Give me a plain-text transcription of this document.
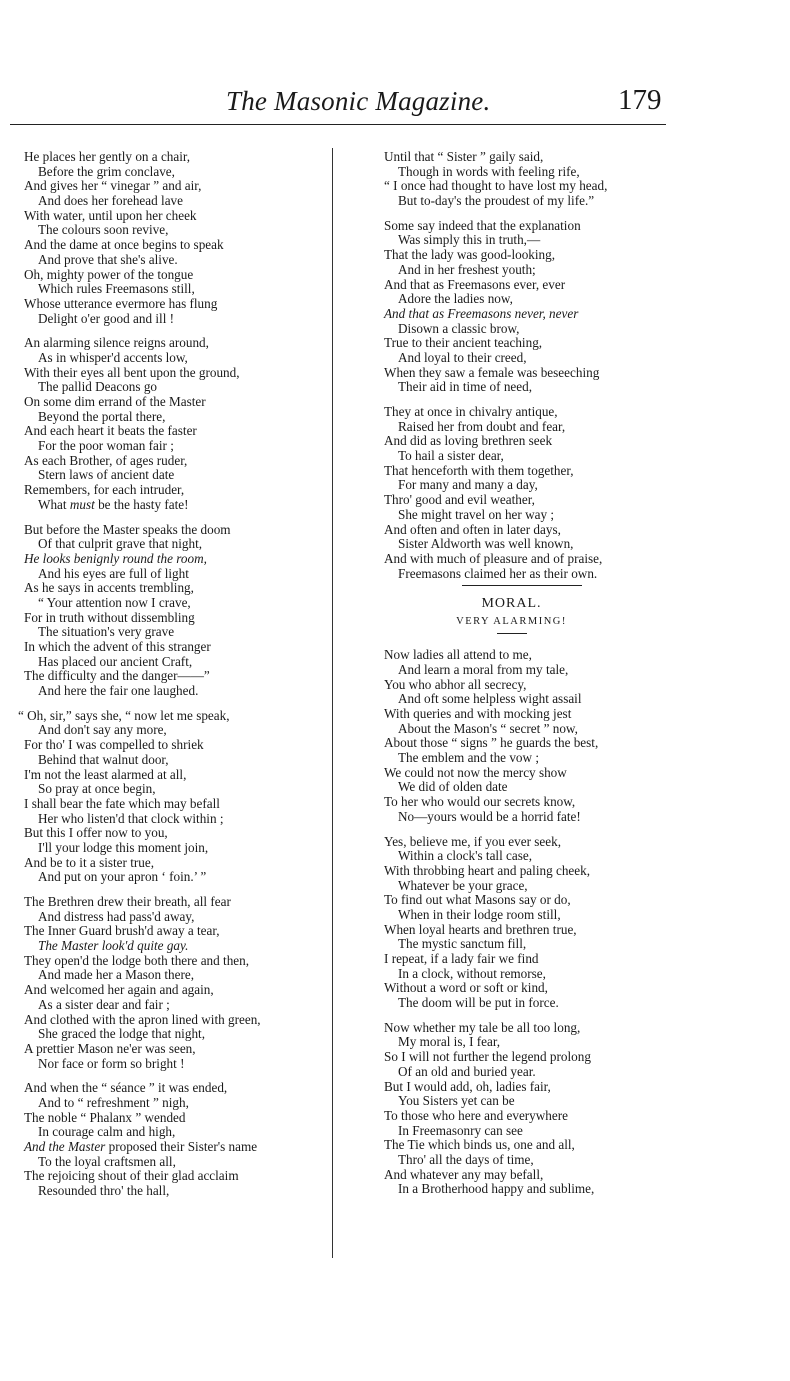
The Masonic Magazine.	179
He places her gently on a chair,
Before the grim conclave,
And gives her “ vinegar ” and air,
And does her forehead lave
With water, until upon her cheek
The colours soon revive,
And the dame at once begins to speak
And prove that she's alive.
Oh, mighty power of the tongue
Which rules Freemasons still,
Whose utterance evermore has flung
Delight o'er good and ill !
An alarming silence reigns around,
As in whisper'd accents low,
With their eyes all bent upon the ground,
The pallid Deacons go
On some dim errand of the Master
Beyond the portal there,
And each heart it beats the faster
For the poor woman fair ;
As each Brother, of ages ruder,
Stern laws of ancient date
Remembers, for each intruder,
What must be the hasty fate!
But before the Master speaks the doom
Of that culprit grave that night,
He looks benignly round the room,
And his eyes are full of light
As he says in accents trembling,
“ Your attention now I crave,
For in truth without dissembling
The situation's very grave
In which the advent of this stranger
Has placed our ancient Craft,
The difficulty and the danger——”
And here the fair one laughed.
“ Oh, sir,” says she, “ now let me speak,
And don't say any more,
For tho' I was compelled to shriek
Behind that walnut door,
I'm not the least alarmed at all,
So pray at once begin,
I shall bear the fate which may befall
Her who listen'd that clock within ;
But this I offer now to you,
I'll your lodge this moment join,
And be to it a sister true,
And put on your apron ‘ foin.’ ”
The Brethren drew their breath, all fear
And distress had pass'd away,
The Inner Guard brush'd away a tear,
The Master look'd quite gay.
They open'd the lodge both there and then,
And made her a Mason there,
And welcomed her again and again,
As a sister dear and fair ;
And clothed with the apron lined with green,
She graced the lodge that night,
A prettier Mason ne'er was seen,
Nor face or form so bright !
And when the “ séance ” it was ended,
And to “ refreshment ” nigh,
The noble “ Phalanx ” wended
In courage calm and high,
And the Master proposed their Sister's name
To the loyal craftsmen all,
The rejoicing shout of their glad acclaim
Resounded thro' the hall,
Until that “ Sister ” gaily said,
Though in words with feeling rife,
“ I once had thought to have lost my head,
But to-day's the proudest of my life.”
Some say indeed that the explanation
Was simply this in truth,—
That the lady was good-looking,
And in her freshest youth;
And that as Freemasons ever, ever
Adore the ladies now,
And that as Freemasons never, never
Disown a classic brow,
True to their ancient teaching,
And loyal to their creed,
When they saw a female was beseeching
Their aid in time of need,
They at once in chivalry antique,
Raised her from doubt and fear,
And did as loving brethren seek
To hail a sister dear,
That henceforth with them together,
For many and many a day,
Thro' good and evil weather,
She might travel on her way ;
And often and often in later days,
Sister Aldworth was well known,
And with much of pleasure and of praise,
Freemasons claimed her as their own.
MORAL.
VERY ALARMING!
Now ladies all attend to me,
And learn a moral from my tale,
You who abhor all secrecy,
And oft some helpless wight assail
With queries and with mocking jest
About the Mason's “ secret ” now,
About those “ signs ” he guards the best,
The emblem and the vow ;
We could not now the mercy show
We did of olden date
To her who would our secrets know,
No—yours would be a horrid fate!
Yes, believe me, if you ever seek,
Within a clock's tall case,
With throbbing heart and paling cheek,
Whatever be your grace,
To find out what Masons say or do,
When in their lodge room still,
When loyal hearts and brethren true,
The mystic sanctum fill,
I repeat, if a lady fair we find
In a clock, without remorse,
Without a word or soft or kind,
The doom will be put in force.
Now whether my tale be all too long,
My moral is, I fear,
So I will not further the legend prolong
Of an old and buried year.
But I would add, oh, ladies fair,
You Sisters yet can be
To those who here and everywhere
In Freemasonry can see
The Tie which binds us, one and all,
Thro' all the days of time,
And whatever any may befall,
In a Brotherhood happy and sublime,
